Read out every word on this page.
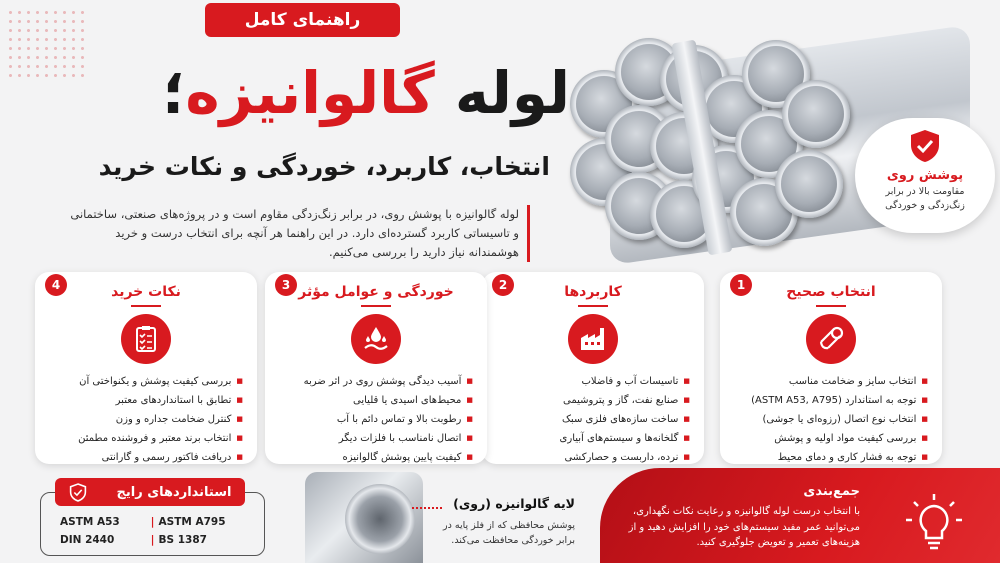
راهنمای کامل
لوله گالوانیزه؛
انتخاب، کاربرد، خوردگی و نکات خرید
لوله گالوانیزه با پوشش روی، در برابر زنگ‌زدگی مقاوم است و در پروژه‌های صنعتی، ساختمانی و تاسیساتی کاربرد گسترده‌ای دارد. در این راهنما هر آنچه برای انتخاب درست و خرید هوشمندانه نیاز دارید را بررسی می‌کنیم.
پوشش روی
مقاومت بالا در برابر زنگ‌زدگی و خوردگی
1	انتخاب صحیح
■ انتخاب سایز و ضخامت مناسب
■ توجه به استاندارد (ASTM A53, A795)
■ انتخاب نوع اتصال (رزوه‌ای یا جوشی)
■ بررسی کیفیت مواد اولیه و پوشش
■ توجه به فشار کاری و دمای محیط
2	کاربردها
■ تاسیسات آب و فاضلاب
■ صنایع نفت، گاز و پتروشیمی
■ ساخت سازه‌های فلزی سبک
■ گلخانه‌ها و سیستم‌های آبیاری
■ نرده، داربست و حصارکشی
3 خوردگی و عوامل مؤثر
■ آسیب دیدگی پوشش روی در اثر ضربه
■ محیط‌های اسیدی یا قلیایی
■ رطوبت بالا و تماس دائم با آب
■ اتصال نامناسب با فلزات دیگر
■ کیفیت پایین پوشش گالوانیزه
4	نکات خرید
■ بررسی کیفیت پوشش و یکنواختی آن
■ تطابق با استانداردهای معتبر
■ کنترل ضخامت جداره و وزن
■ انتخاب برند معتبر و فروشنده مطمئن
■ دریافت فاکتور رسمی و گارانتی
استانداردهای رایج
ASTM A53	| ASTM A795
DIN 2440	| BS 1387
لایه گالوانیزه (روی)
پوشش محافظی که از فلز پایه در برابر خوردگی محافظت می‌کند.
جمع‌بندی
با انتخاب درست لوله گالوانیزه و رعایت نکات نگهداری، می‌توانید عمر مفید سیستم‌های خود را افزایش دهید و از هزینه‌های تعمیر و تعویض جلوگیری کنید.
